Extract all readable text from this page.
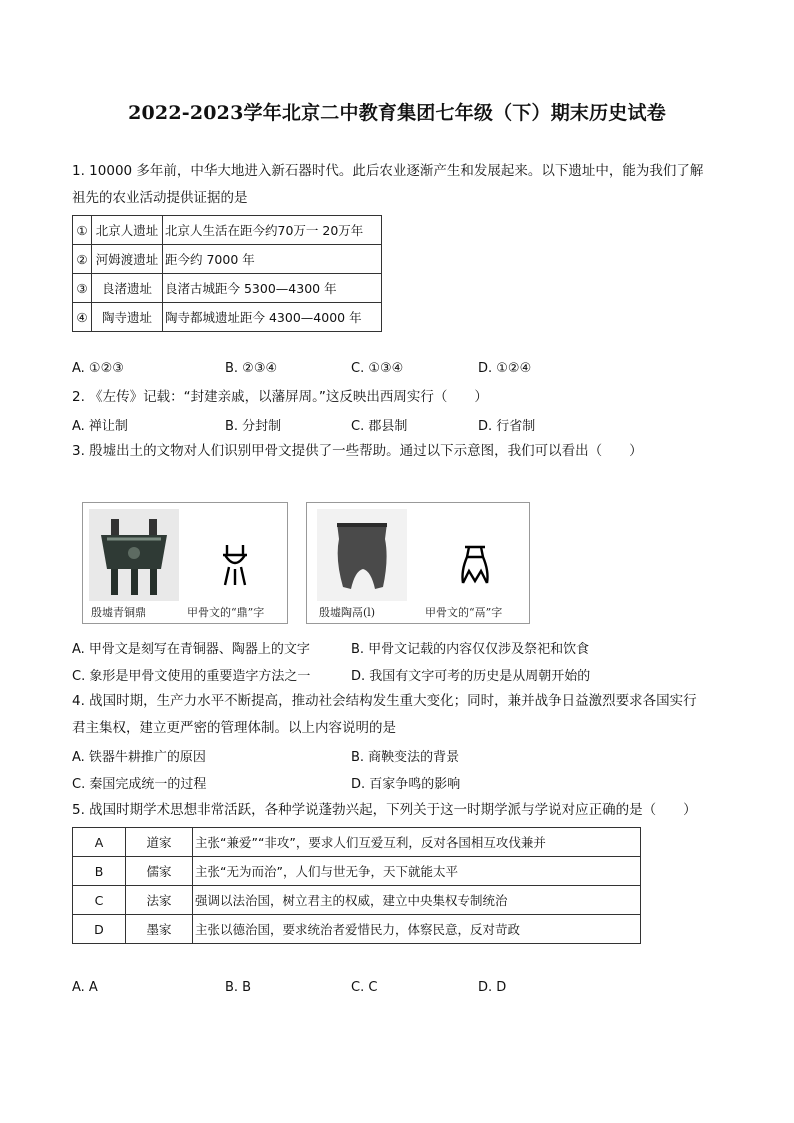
2022-2023学年北京二中教育集团七年级（下）期末历史试卷
1. 10000 多年前，中华大地进入新石器时代。此后农业逐渐产生和发展起来。以下遗址中，能为我们了解
祖先的农业活动提供证据的是
①	北京人遗址	北京人生活在距今约70万一 20万年
②	河姆渡遗址	距今约 7000 年
③	良渚遗址	良渚古城距今 5300—4300 年
④	陶寺遗址	陶寺都城遗址距今 4300—4000 年
A. ①②③	B. ②③④	C. ①③④	D. ①②④
2. 《左传》记载：“封建亲戚，以藩屏周。”这反映出西周实行（　　）
A. 禅让制	B. 分封制	C. 郡县制	D. 行省制
3. 殷墟出土的文物对人们识别甲骨文提供了一些帮助。通过以下示意图，我们可以看出（　　）
殷墟青铜鼎	甲骨文的“鼎”字	殷墟陶鬲(l)	甲骨文的“鬲”字
A. 甲骨文是刻写在青铜器、陶器上的文字	B. 甲骨文记载的内容仅仅涉及祭祀和饮食
C. 象形是甲骨文使用的重要造字方法之一	D. 我国有文字可考的历史是从周朝开始的
4. 战国时期，生产力水平不断提高，推动社会结构发生重大变化；同时，兼并战争日益激烈要求各国实行
君主集权，建立更严密的管理体制。以上内容说明的是
A. 铁器牛耕推广的原因	B. 商鞅变法的背景
C. 秦国完成统一的过程	D. 百家争鸣的影响
5. 战国时期学术思想非常活跃，各种学说蓬勃兴起，下列关于这一时期学派与学说对应正确的是（　　）
A	道家	主张“兼爱”“非攻”，要求人们互爱互利，反对各国相互攻伐兼并
B	儒家	主张“无为而治”，人们与世无争，天下就能太平
C	法家	强调以法治国，树立君主的权威，建立中央集权专制统治
D	墨家	主张以德治国，要求统治者爱惜民力，体察民意，反对苛政
A. A	B. B	C. C	D. D
